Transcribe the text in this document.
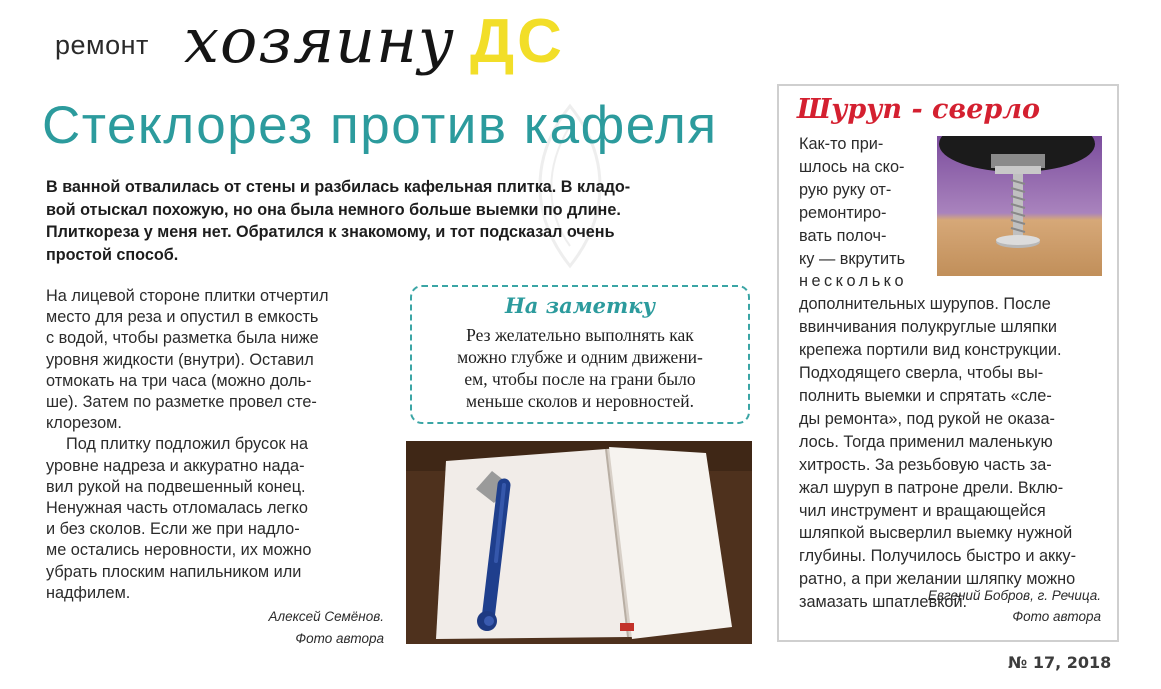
ремонт хозяину ДС
Стеклорез против кафеля

В ванной отвалилась от стены и разбилась кафельная плитка. В кладо-

вой отыскал похожую, но она была немного больше выемки по длине.

Плиткореза у меня нет. Обратился к знакомому, и тот подсказал очень

простой способ.

На лицевой стороне плитки отчертил

место для реза и опустил в емкость

с водой, чтобы разметка была ниже

уровня жидкости (внутри). Оставил

отмокать на три часа (можно доль-

ше). Затем по разметке провел сте-

клорезом.

Под плитку подложил брусок на

уровне надреза и аккуратно нада-

вил рукой на подвешенный конец.

Ненужная часть отломалась легко

и без сколов. Если же при надло-

ме остались неровности, их можно

убрать плоским напильником или

надфилем.

Алексей Семёнов.
Фото автора
На заметку

Рез желательно выполнять как

можно глубже и одним движени-

ем, чтобы после на грани было

меньше сколов и неровностей.

Шуруп - сверло

Как-то при-

шлось на ско-

рую руку от-

ремонтиро-

вать полоч-

ку — вкрутить

несколько

дополнительных шурупов. После

ввинчивания полукруглые шляпки

крепежа портили вид конструкции.

Подходящего сверла, чтобы вы-

полнить выемки и спрятать «сле-

ды ремонта», под рукой не оказа-

лось. Тогда применил маленькую

хитрость. За резьбовую часть за-

жал шуруп в патроне дрели. Вклю-

чил инструмент и вращающейся

шляпкой высверлил выемку нужной

глубины. Получилось быстро и акку-

ратно, а при желании шляпку можно

замазать шпатлевкой.

Евгений Бобров, г. Речица.
Фото автора
№ 17, 2018
